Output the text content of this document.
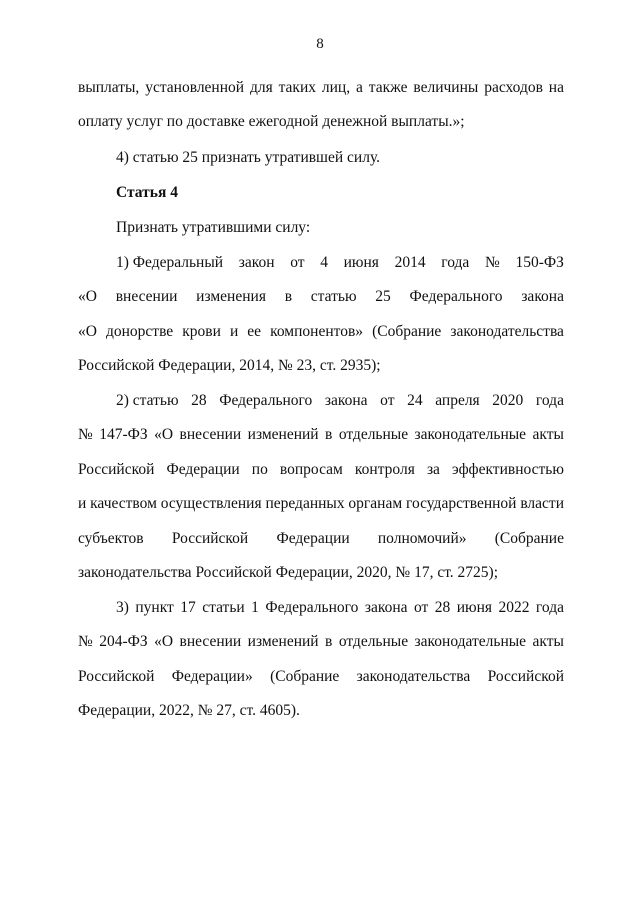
8
выплаты, установленной для таких лиц, а также величины расходов на
оплату услуг по доставке ежегодной денежной выплаты.»;
4) статью 25 признать утратившей силу.
Статья 4
Признать утратившими силу:
1) Федеральный закон от 4 июня 2014 года № 150-ФЗ
«О внесении изменения в статью 25 Федерального закона
«О донорстве крови и ее компонентов» (Собрание законодательства
Российской Федерации, 2014, № 23, ст. 2935);
2) статью 28 Федерального закона от 24 апреля 2020 года
№ 147-ФЗ «О внесении изменений в отдельные законодательные акты
Российской Федерации по вопросам контроля за эффективностью
и качеством осуществления переданных органам государственной власти
субъектов Российской Федерации полномочий» (Собрание
законодательства Российской Федерации, 2020, № 17, ст. 2725);
3) пункт 17 статьи 1 Федерального закона от 28 июня 2022 года
№ 204-ФЗ «О внесении изменений в отдельные законодательные акты
Российской Федерации» (Собрание законодательства Российской
Федерации, 2022, № 27, ст. 4605).
